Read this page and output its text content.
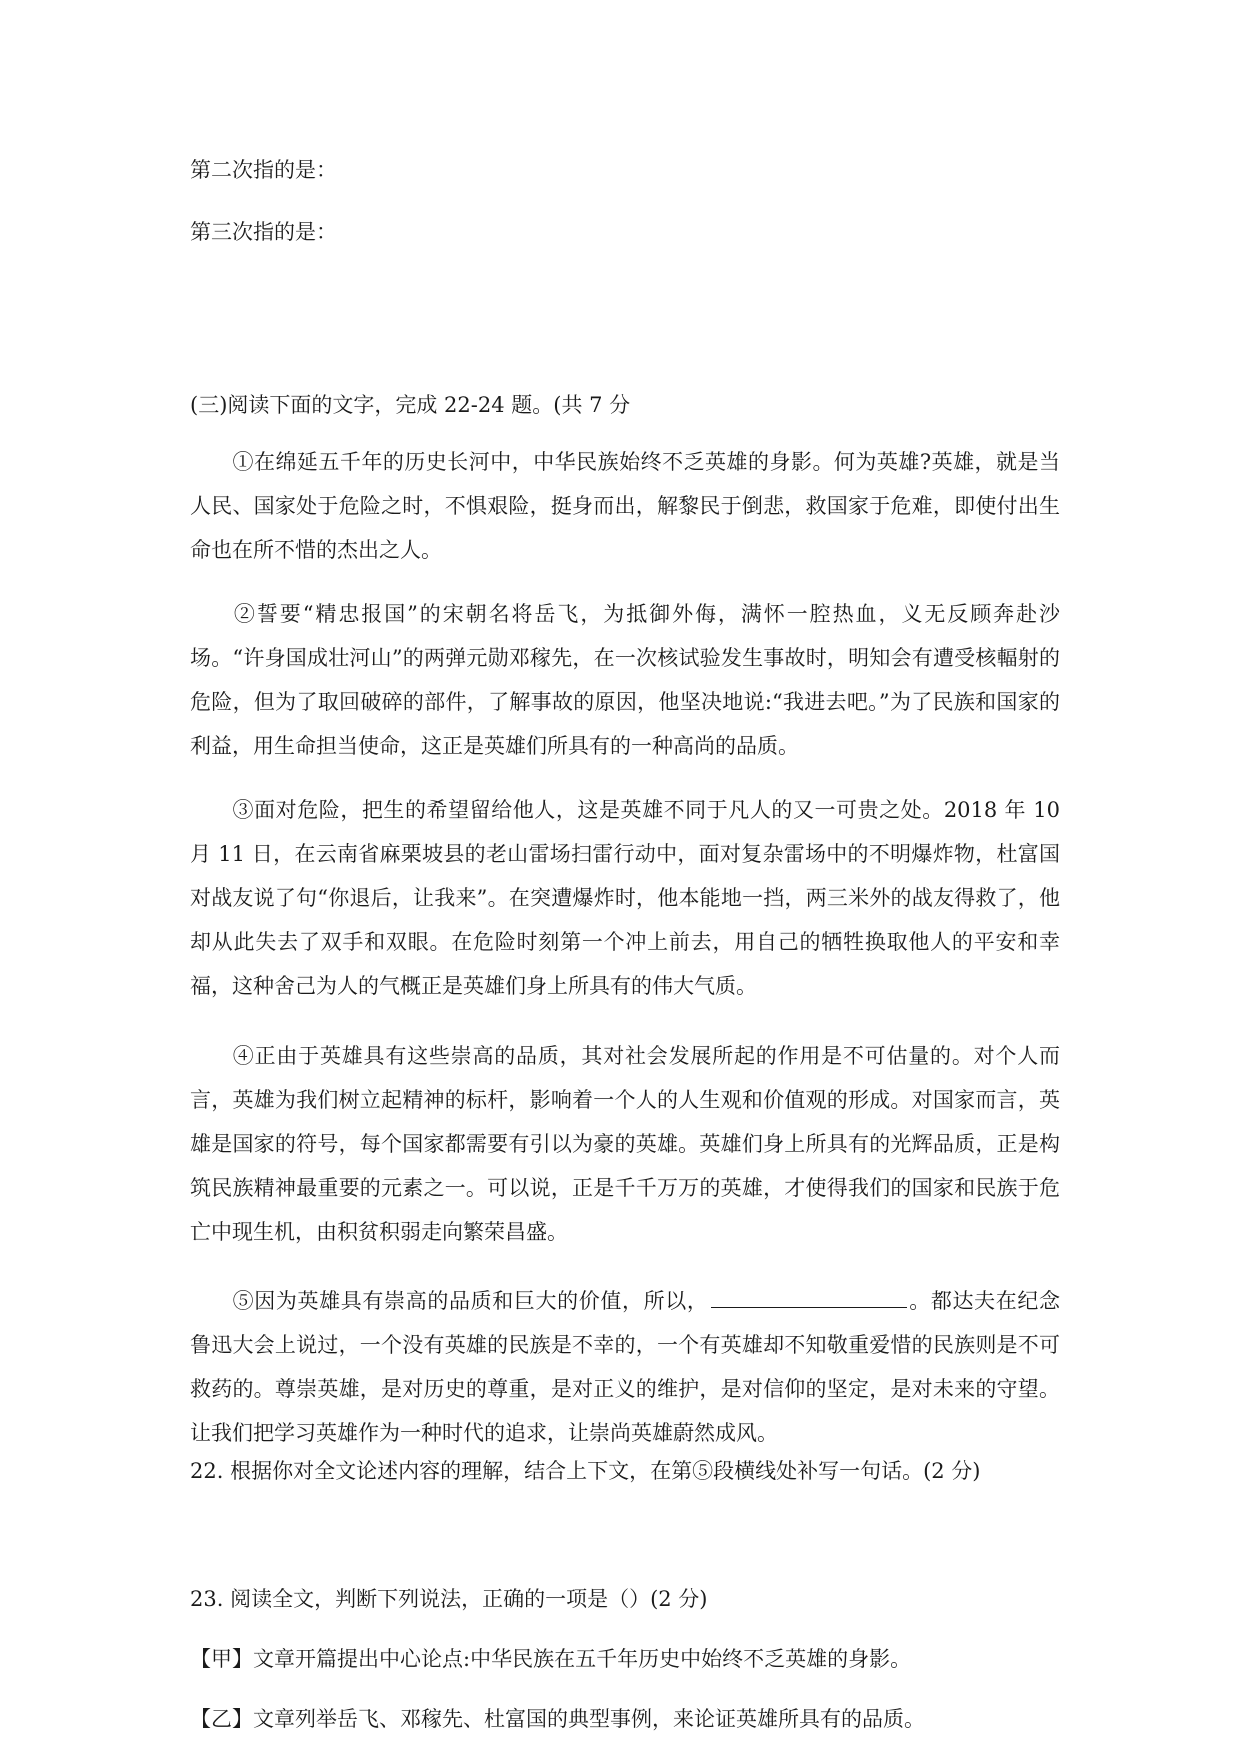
第二次指的是：
第三次指的是：
(三)阅读下面的文字，完成 22-24 题。(共 7 分
①在绵延五千年的历史长河中，中华民族始终不乏英雄的身影。何为英雄?英雄，就是当人民、国家处于危险之时，不惧艰险，挺身而出，解黎民于倒悲，救国家于危难，即使付出生命也在所不惜的杰出之人。
②誓要“精忠报国”的宋朝名将岳飞，为抵御外侮，满怀一腔热血，义无反顾奔赴沙场。“许身国成壮河山”的两弹元勋邓稼先，在一次核试验发生事故时，明知会有遭受核輻射的危险，但为了取回破碎的部件，了解事故的原因，他坚决地说:“我进去吧。”为了民族和国家的利益，用生命担当使命，这正是英雄们所具有的一种高尚的品质。
③面对危险，把生的希望留给他人，这是英雄不同于凡人的又一可贵之处。2018 年 10 月 11 日，在云南省麻栗坡县的老山雷场扫雷行动中，面对复杂雷场中的不明爆炸物，杜富国对战友说了句“你退后，让我来”。在突遭爆炸时，他本能地一挡，两三米外的战友得救了，他却从此失去了双手和双眼。在危险时刻第一个冲上前去，用自己的牺牲换取他人的平安和幸福，这种舍己为人的气概正是英雄们身上所具有的伟大气质。
④正由于英雄具有这些崇高的品质，其对社会发展所起的作用是不可估量的。对个人而言，英雄为我们树立起精神的标杆，影响着一个人的人生观和价值观的形成。对国家而言，英雄是国家的符号，每个国家都需要有引以为豪的英雄。英雄们身上所具有的光辉品质，正是构筑民族精神最重要的元素之一。可以说，正是千千万万的英雄，才使得我们的国家和民族于危亡中现生机，由积贫积弱走向繁荣昌盛。
⑤因为英雄具有崇高的品质和巨大的价值，所以，	。都达夫在纪念鲁迅大会上说过，一个没有英雄的民族是不幸的，一个有英雄却不知敬重爱惜的民族则是不可救药的。尊崇英雄，是对历史的尊重，是对正义的维护，是对信仰的坚定，是对未来的守望。让我们把学习英雄作为一种时代的追求，让崇尚英雄蔚然成风。
22. 根据你对全文论述内容的理解，结合上下文，在第⑤段横线处补写一句话。(2 分)
23. 阅读全文，判断下列说法，正确的一项是（）(2 分)
【甲】文章开篇提出中心论点:中华民族在五千年历史中始终不乏英雄的身影。
【乙】文章列举岳飞、邓稼先、杜富国的典型事例，来论证英雄所具有的品质。
